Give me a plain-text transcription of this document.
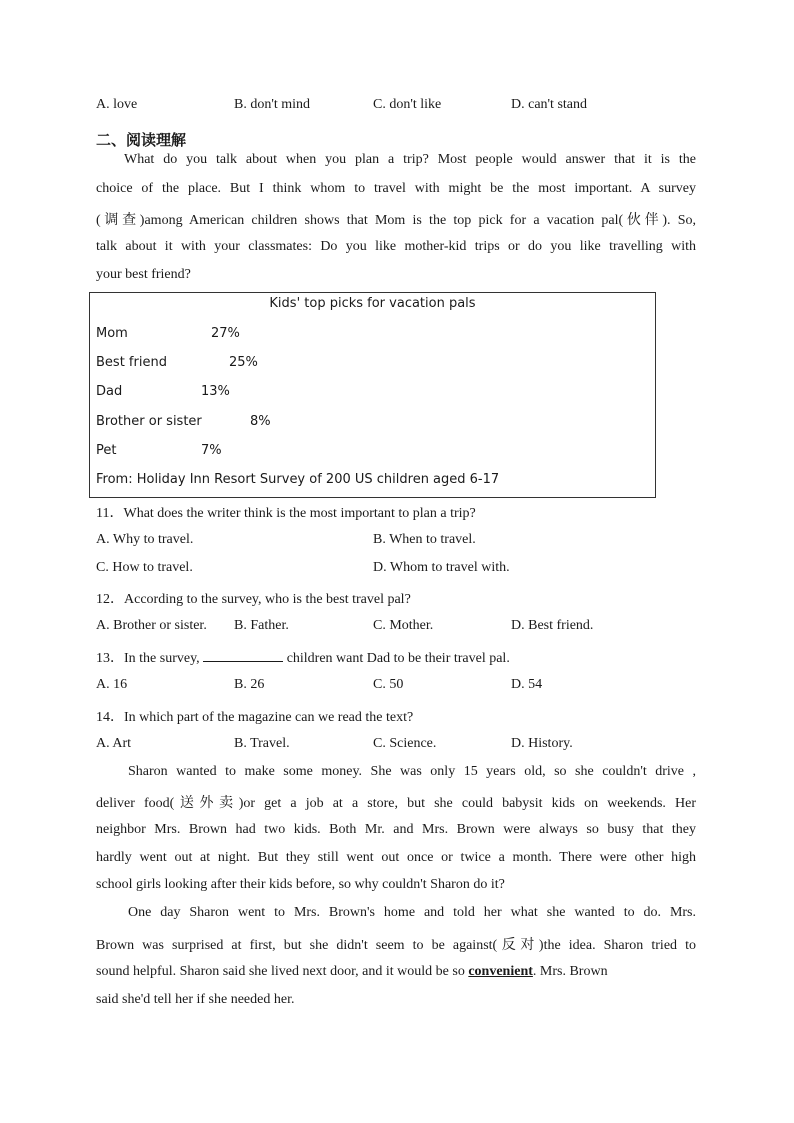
A. love	B. don't mind	C. don't like	D. can't stand
二、阅读理解
What do you talk about when you plan a trip? Most people would answer that it is the
choice of the place. But I think whom to travel with might be the most important. A survey
(调查)among American children shows that Mom is the top pick for a vacation pal(伙伴). So,
talk about it with your classmates: Do you like mother-kid trips or do you like travelling with
your best friend?
Kids' top picks for vacation pals
Mom	27%
Best friend	25%
Dad	13%
Brother or sister	8%
Pet	7%
From: Holiday Inn Resort Survey of 200 US children aged 6-17
11．What does the writer think is the most important to plan a trip?
A. Why to travel.	B. When to travel.
C. How to travel.	D. Whom to travel with.
12．According to the survey, who is the best travel pal?
A. Brother or sister. B. Father.	C. Mother.	D. Best friend.
13．In the survey,	children want Dad to be their travel pal.
A. 16	B. 26	C. 50	D. 54
14．In which part of the magazine can we read the text?
A. Art	B. Travel.	C. Science.	D. History.
Sharon wanted to make some money. She was only 15 years old, so she couldn't drive ,
deliver food(送外卖)or get a job at a store, but she could babysit kids on weekends. Her
neighbor Mrs. Brown had two kids. Both Mr. and Mrs. Brown were always so busy that they
hardly went out at night. But they still went out once or twice a month. There were other high
school girls looking after their kids before, so why couldn't Sharon do it?
One day Sharon went to Mrs. Brown's home and told her what she wanted to do. Mrs.
Brown was surprised at first, but she didn't seem to be against(反对)the idea. Sharon tried to
sound helpful. Sharon said she lived next door, and it would be so convenient. Mrs. Brown
said she'd tell her if she needed her.
